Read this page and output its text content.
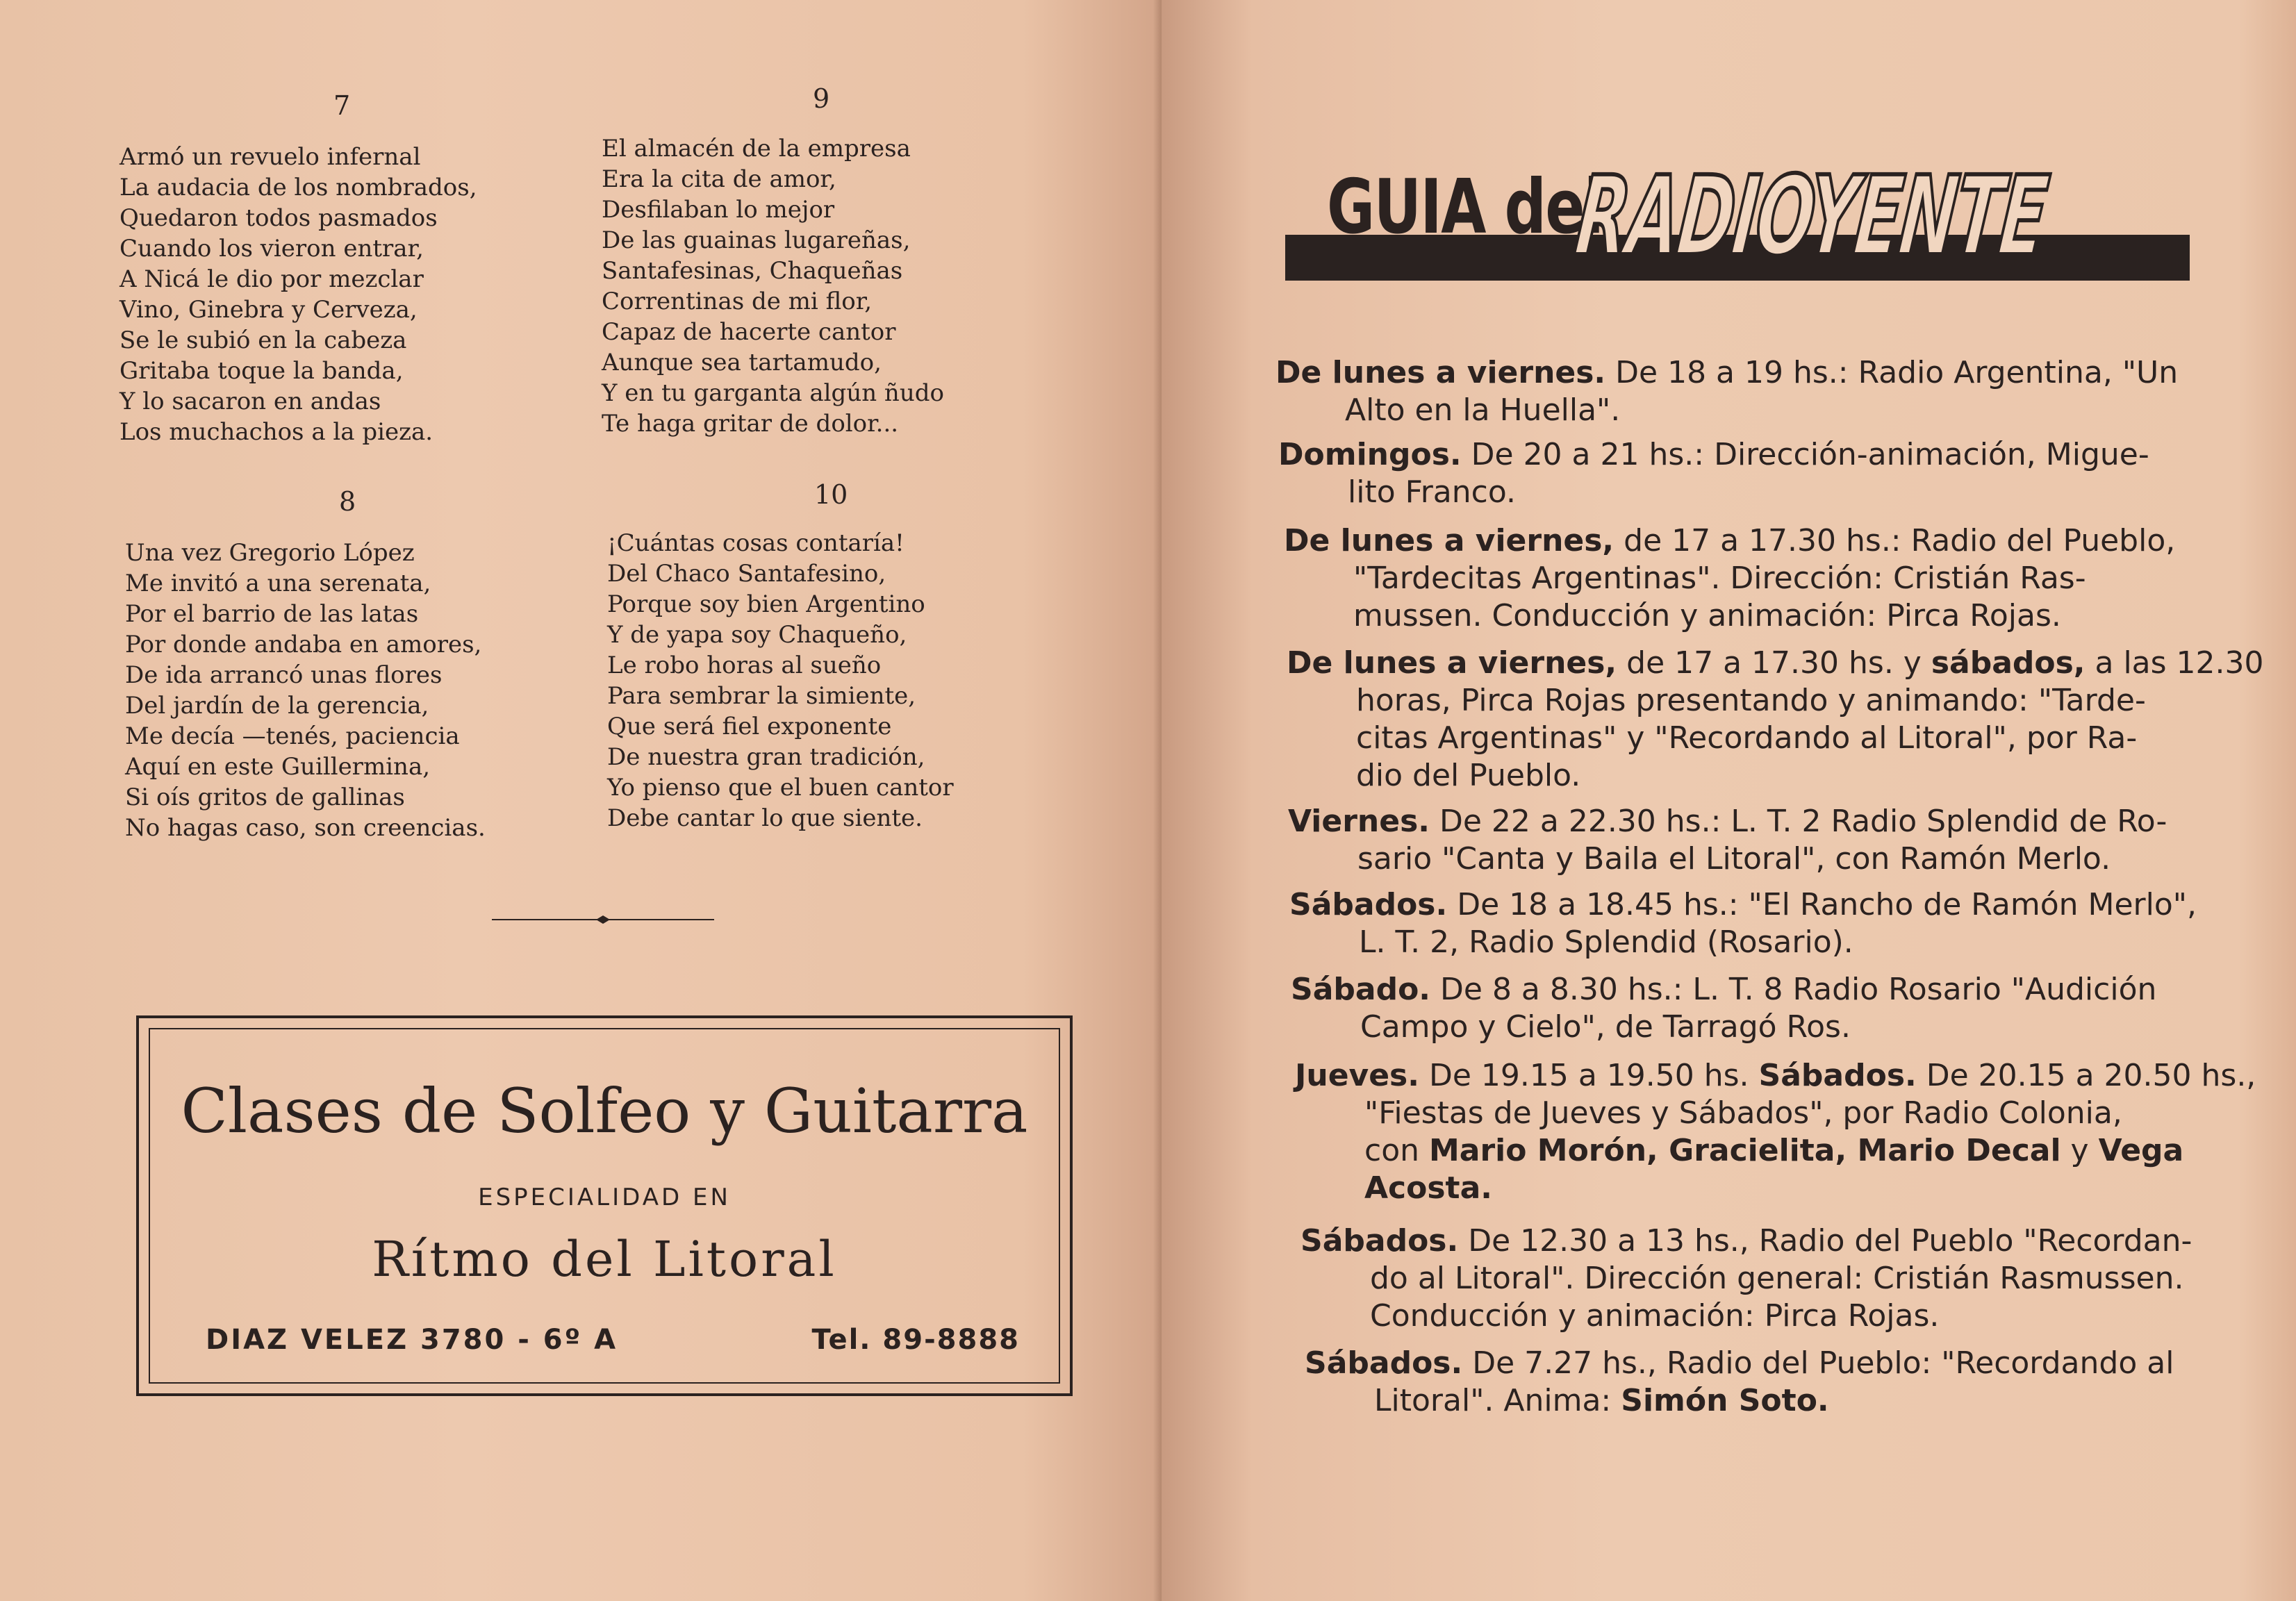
7
Armó un revuelo infernal
La audacia de los nombrados,
Quedaron todos pasmados
Cuando los vieron entrar,
A Nicá le dio por mezclar
Vino, Ginebra y Cerveza,
Se le subió en la cabeza
Gritaba toque la banda,
Y lo sacaron en andas
Los muchachos a la pieza.
9
El almacén de la empresa
Era la cita de amor,
Desfilaban lo mejor
De las guainas lugareñas,
Santafesinas, Chaqueñas
Correntinas de mi flor,
Capaz de hacerte cantor
Aunque sea tartamudo,
Y en tu garganta algún ñudo
Te haga gritar de dolor...
8
Una vez Gregorio López
Me invitó a una serenata,
Por el barrio de las latas
Por donde andaba en amores,
De ida arrancó unas flores
Del jardín de la gerencia,
Me decía —tenés, paciencia
Aquí en este Guillermina,
Si oís gritos de gallinas
No hagas caso, son creencias.
10
¡Cuántas cosas contaría!
Del Chaco Santafesino,
Porque soy bien Argentino
Y de yapa soy Chaqueño,
Le robo horas al sueño
Para sembrar la simiente,
Que será fiel exponente
De nuestra gran tradición,
Yo pienso que el buen cantor
Debe cantar lo que siente.
Clases de Solfeo y Guitarra
ESPECIALIDAD EN
Rítmo del Litoral
DIAZ VELEZ 3780 - 6º A	Tel. 89-8888
GUIA del
RADIOYENTE
De lunes a viernes. De 18 a 19 hs.: Radio Argentina, "Un
Alto en la Huella".
Domingos. De 20 a 21 hs.: Dirección-animación, Migue-
lito Franco.
De lunes a viernes, de 17 a 17.30 hs.: Radio del Pueblo,
"Tardecitas Argentinas". Dirección: Cristián Ras-
mussen. Conducción y animación: Pirca Rojas.
De lunes a viernes, de 17 a 17.30 hs. y sábados, a las 12.30
horas, Pirca Rojas presentando y animando: "Tarde-
citas Argentinas" y "Recordando al Litoral", por Ra-
dio del Pueblo.
Viernes. De 22 a 22.30 hs.: L. T. 2 Radio Splendid de Ro-
sario "Canta y Baila el Litoral", con Ramón Merlo.
Sábados. De 18 a 18.45 hs.: "El Rancho de Ramón Merlo",
L. T. 2, Radio Splendid (Rosario).
Sábado. De 8 a 8.30 hs.: L. T. 8 Radio Rosario "Audición
Campo y Cielo", de Tarragó Ros.
Jueves. De 19.15 a 19.50 hs. Sábados. De 20.15 a 20.50 hs.,
"Fiestas de Jueves y Sábados", por Radio Colonia,
con Mario Morón, Gracielita, Mario Decal y Vega
Acosta.
Sábados. De 12.30 a 13 hs., Radio del Pueblo "Recordan-
do al Litoral". Dirección general: Cristián Rasmussen.
Conducción y animación: Pirca Rojas.
Sábados. De 7.27 hs., Radio del Pueblo: "Recordando al
Litoral". Anima: Simón Soto.
